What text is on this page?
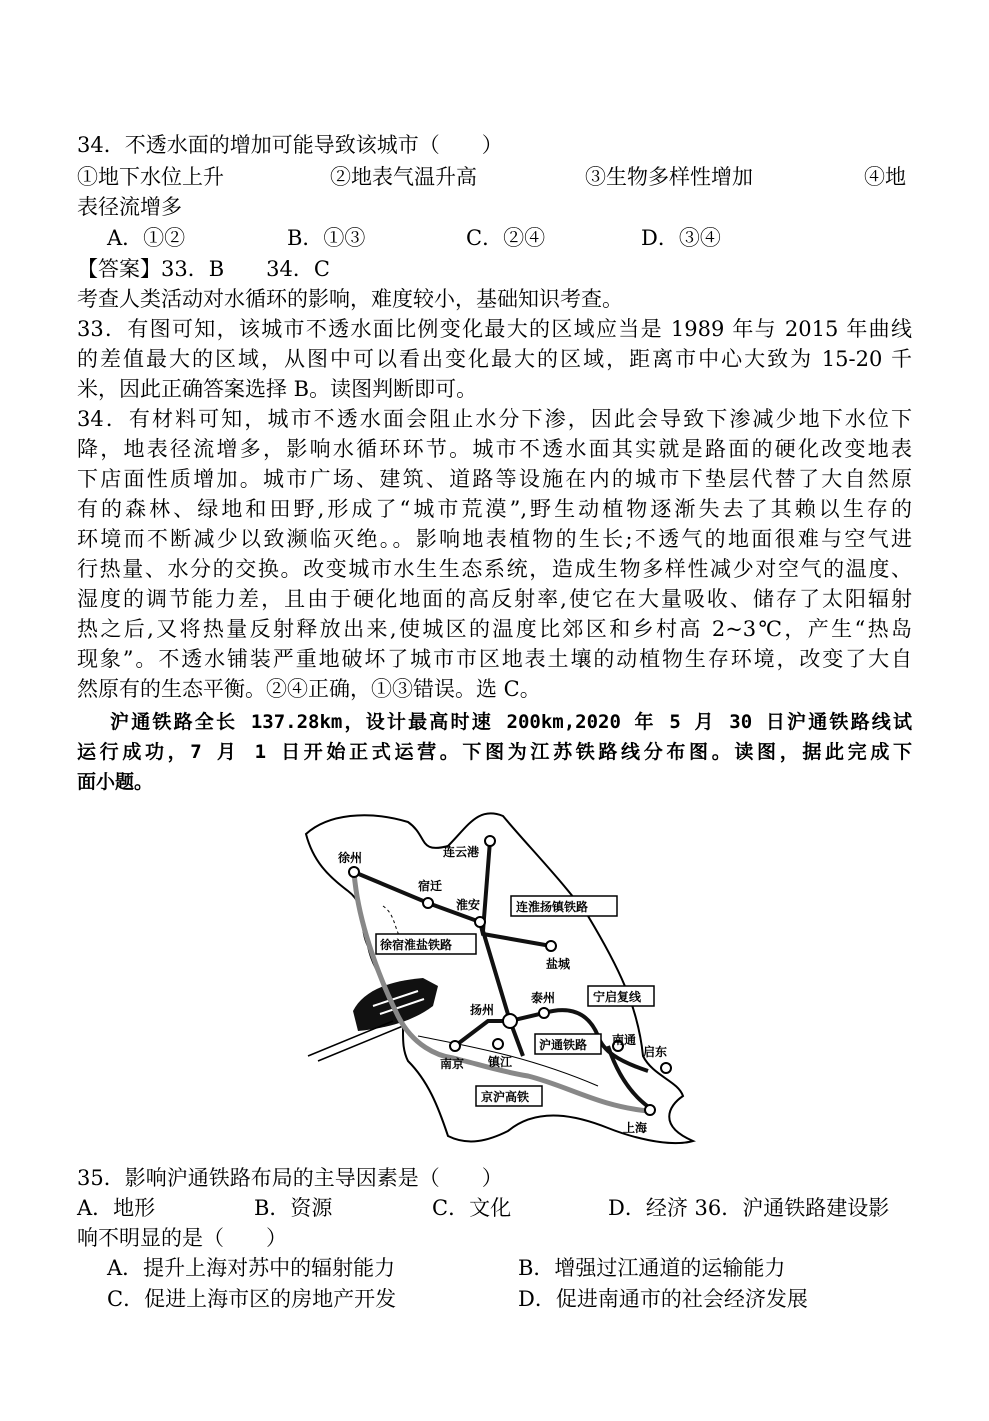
34．不透水面的增加可能导致该城市（　　）
①地下水位上升	②地表气温升高	③生物多样性增加	④地
表径流增多
A．①②	B．①③	C．②④	D．③④
【答案】33．B　　34．C
考查人类活动对水循环的影响，难度较小，基础知识考查。
33．有图可知，该城市不透水面比例变化最大的区域应当是 1989 年与 2015 年曲线
的差值最大的区域，从图中可以看出变化最大的区域，距离市中心大致为 15-20 千
米，因此正确答案选择 B。读图判断即可。
34．有材料可知，城市不透水面会阻止水分下渗，因此会导致下渗减少地下水位下
降，地表径流增多，影响水循环环节。城市不透水面其实就是路面的硬化改变地表
下店面性质增加。城市广场、建筑、道路等设施在内的城市下垫层代替了大自然原
有的森林、绿地和田野,形成了“城市荒漠”,野生动植物逐渐失去了其赖以生存的
环境而不断减少以致濒临灭绝。。影响地表植物的生长;不透气的地面很难与空气进
行热量、水分的交换。改变城市水生生态系统，造成生物多样性减少对空气的温度、
湿度的调节能力差，且由于硬化地面的高反射率,使它在大量吸收、储存了太阳辐射
热之后,又将热量反射释放出来,使城区的温度比郊区和乡村高 2~3℃，产生“热岛
现象”。不透水铺装严重地破坏了城市市区地表土壤的动植物生存环境，改变了大自
然原有的生态平衡。②④正确，①③错误。选 C。
沪通铁路全长 137.28km，设计最高时速 200km,2020 年 5 月 30 日沪通铁路线试
运行成功，7 月 1 日开始正式运营。下图为江苏铁路线分布图。读图，据此完成下
面小题。
徐州	连云港
宿迁
淮安
盐城
扬州
泰州
南京 镇江
南通
启东
上海
连淮扬镇铁路
徐宿淮盐铁路
宁启复线
沪通铁路
京沪高铁
35．影响沪通铁路布局的主导因素是（　　）
A．地形	B．资源	C．文化	D．经济 36．沪通铁路建设影
响不明显的是（　　）
A．提升上海对苏中的辐射能力	B．增强过江通道的运输能力
C．促进上海市区的房地产开发	D．促进南通市的社会经济发展
